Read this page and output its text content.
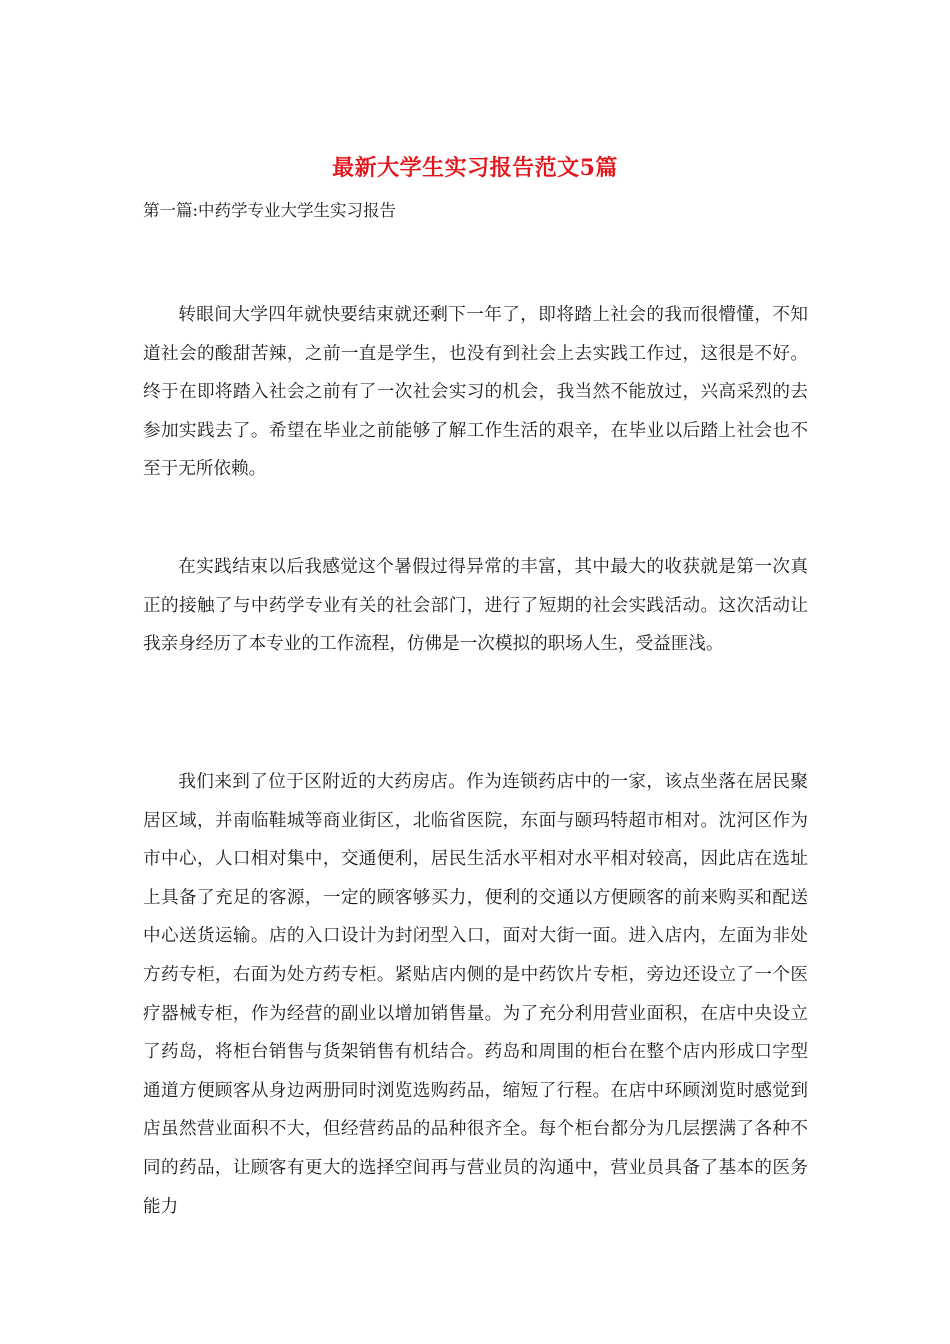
最新大学生实习报告范文5篇

第一篇:中药学专业大学生实习报告

转眼间大学四年就快要结束就还剩下一年了，即将踏上社会的我而很懵懂，不知道社会的酸甜苦辣，之前一直是学生，也没有到社会上去实践工作过，这很是不好。终于在即将踏入社会之前有了一次社会实习的机会，我当然不能放过，兴高采烈的去参加实践去了。希望在毕业之前能够了解工作生活的艰辛，在毕业以后踏上社会也不至于无所依赖。

在实践结束以后我感觉这个暑假过得异常的丰富，其中最大的收获就是第一次真正的接触了与中药学专业有关的社会部门，进行了短期的社会实践活动。这次活动让我亲身经历了本专业的工作流程，仿佛是一次模拟的职场人生，受益匪浅。

我们来到了位于区附近的大药房店。作为连锁药店中的一家，该点坐落在居民聚居区域，并南临鞋城等商业街区，北临省医院，东面与颐玛特超市相对。沈河区作为市中心，人口相对集中，交通便利，居民生活水平相对水平相对较高，因此店在选址上具备了充足的客源，一定的顾客够买力，便利的交通以方便顾客的前来购买和配送中心送货运输。店的入口设计为封闭型入口，面对大街一面。进入店内，左面为非处方药专柜，右面为处方药专柜。紧贴店内侧的是中药饮片专柜，旁边还设立了一个医疗器械专柜，作为经营的副业以增加销售量。为了充分利用营业面积，在店中央设立了药岛，将柜台销售与货架销售有机结合。药岛和周围的柜台在整个店内形成口字型通道方便顾客从身边两册同时浏览选购药品，缩短了行程。在店中环顾浏览时感觉到店虽然营业面积不大，但经营药品的品种很齐全。每个柜台都分为几层摆满了各种不同的药品，让顾客有更大的选择空间再与营业员的沟通中，营业员具备了基本的医务能力
